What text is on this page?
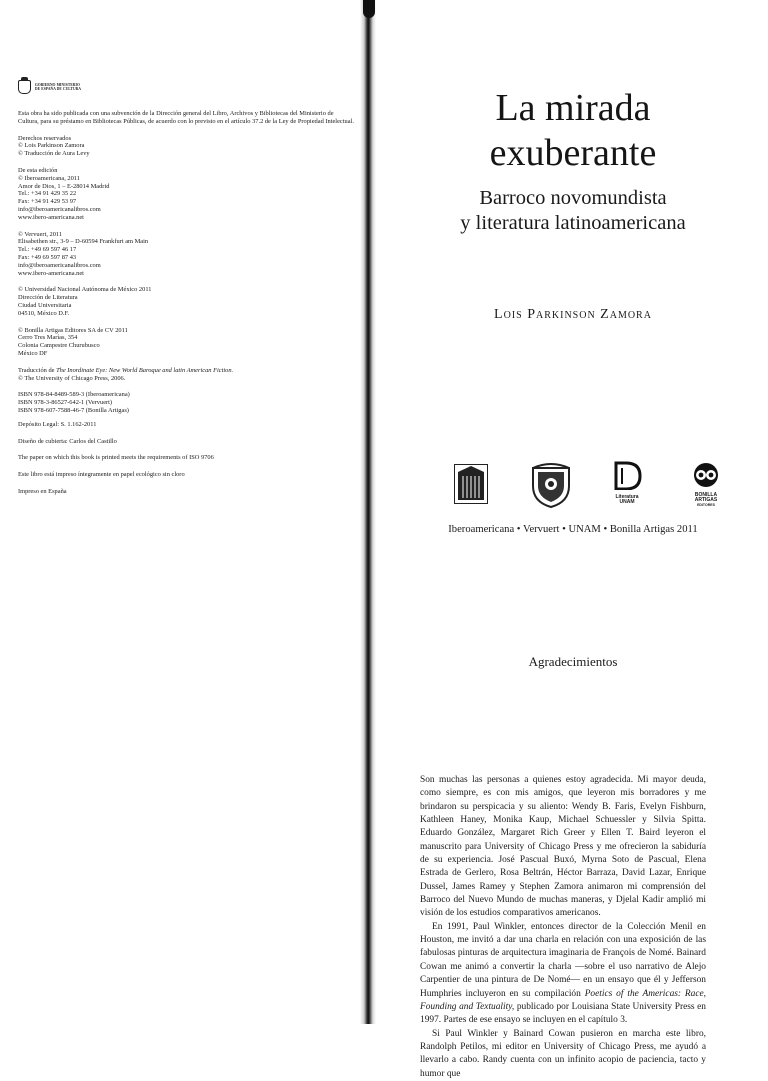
GOBIERNO MINISTERIO
DE ESPAÑA DE CULTURA

Esta obra ha sido publicada con una subvención de la Dirección general del Libro, Archivos y Bibliotecas del Ministerio de Cultura, para su préstamo en Bibliotecas Públicas, de acuerdo con lo previsto en el artículo 37.2 de la Ley de Propiedad Intelectual.

Derechos reservados

© Lois Parkinson Zamora

© Traducción de Aura Levy

De esta edición

© Iberoamericana, 2011

Amor de Dios, 1 – E-28014 Madrid

Tel.: +34 91 429 35 22

Fax: +34 91 429 53 97

info@iberoamericanalibros.com

www.ibero-americana.net

© Vervuert, 2011

Elisabethen str., 3-9 – D-60594 Frankfurt am Main

Tel.: +49 69 597 46 17

Fax: +49 69 597 87 43

info@iberoamericanalibros.com

www.ibero-americana.net

© Universidad Nacional Autónoma de México 2011

Dirección de Literatura

Ciudad Universitaria

04510, México D.F.

© Bonilla Artigas Editores SA de CV 2011

Cerro Tres Marías, 354

Colonia Campestre Churubusco

México DF

Traducción de The Inordinate Eye: New World Baroque and latin American Fiction.

© The University of Chicago Press, 2006.

ISBN 978-84-8489-589-3 (Iberoamericana)

ISBN 978-3-86527-642-1 (Vervuert)

ISBN 978-607-7588-46-7 (Bonilla Artigas)

Depósito Legal: S. 1.162-2011

Diseño de cubierta: Carlos del Castillo

The paper on which this book is printed meets the requirements of ISO 9706

Este libro está impreso íntegramente en papel ecológico sin cloro

Impreso en España

La mirada
exuberante
Barroco novomundista
y literatura latinoamericana
Lois Parkinson Zamora
Literatura
UNAM
BONILLA
ARTIGAS
EDITORES
Iberoamericana • Vervuert • UNAM • Bonilla Artigas 2011
Agradecimientos

Son muchas las personas a quienes estoy agradecida. Mi mayor deuda, como siempre, es con mis amigos, que leyeron mis borradores y me brindaron su perspicacia y su aliento: Wendy B. Faris, Evelyn Fishburn, Kathleen Haney, Monika Kaup, Michael Schuessler y Silvia Spitta. Eduardo González, Margaret Rich Greer y Ellen T. Baird leyeron el manuscrito para University of Chicago Press y me ofrecieron la sabiduría de su experiencia. José Pascual Buxó, Myrna Soto de Pascual, Elena Estrada de Gerlero, Rosa Beltrán, Héctor Barraza, David Lazar, Enrique Dussel, James Ramey y Stephen Zamora animaron mi comprensión del Barroco del Nuevo Mundo de muchas maneras, y Djelal Kadir amplió mi visión de los estudios comparativos americanos.

En 1991, Paul Winkler, entonces director de la Colección Menil en Houston, me invitó a dar una charla en relación con una exposición de las fabulosas pinturas de arquitectura imaginaria de François de Nomé. Bainard Cowan me animó a convertir la charla —sobre el uso narrativo de Alejo Carpentier de una pintura de De Nomé— en un ensayo que él y Jefferson Humphries incluyeron en su compilación Poetics of the Americas: Race, Founding and Textuality, publicado por Louisiana State University Press en 1997. Partes de ese ensayo se incluyen en el capítulo 3.

Si Paul Winkler y Bainard Cowan pusieron en marcha este libro, Randolph Petilos, mi editor en University of Chicago Press, me ayudó a llevarlo a cabo. Randy cuenta con un infinito acopio de paciencia, tacto y humor que
